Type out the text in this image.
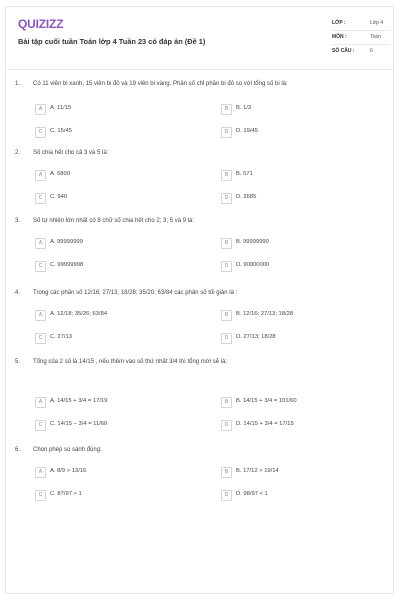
QUIZIZZ
Bài tập cuối tuần Toán lớp 4 Tuần 23 có đáp án (Đề 1)
LỚP :	Lớp 4
MÔN :	Toán
SỐ CÂU :	6
1. Có 11 viên bi xanh, 15 viên bi đỏ và 19 viên bi vàng. Phân số chỉ phần bi đỏ so với tổng số bi là:
A	A. 11/15	B	B. 1/3
C	C. 15/45	D	D. 19/45
2. Số chia hết cho cả 3 và 5 là:
A	A. 6800	B	B. 571
C	C. 940	D	D. 2685
3. Số tự nhiên lớn nhất có 8 chữ số chia hết cho 2; 3; 5 và 9 là:
A	A. 99999999	B	B. 99999990
C	C. 99999998	D	D. 90000000
4. Trong các phân số 12/16; 27/13; 18/28; 35/20; 63/84 các phân số tối giản là :
A	A. 12/18; 35/26; 63/84	B	B. 12/16; 27/13; 18/28
C	C. 27/13	D	D. 27/13; 18/28
5. Tổng của 2 số là 14/15 , nếu thêm vào số thứ nhất 3/4 thì tổng mới sẽ là:
A	A. 14/15 + 3/4 = 17/19	B	B. 14/15 + 3/4 = 101/60
C	C. 14/15 − 3/4 = 11/60	D	D. 14/15 + 3/4 = 17/15
6. Chọn phép so sánh đúng:
A	A. 8/9 > 13/16	B	B. 17/12 > 19/14
C	C. 87/97 > 1	D	D. 98/97 < 1
